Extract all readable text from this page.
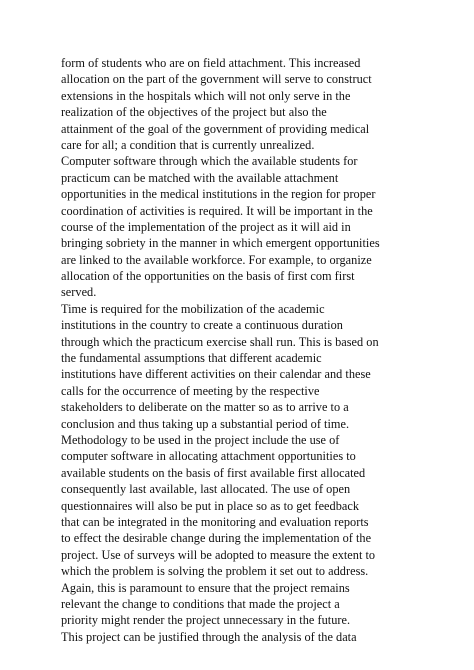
form of students who are on field attachment. This increased
allocation on the part of the government will serve to construct
extensions in the hospitals which will not only serve in the
realization of the objectives of the project but also the
attainment of the goal of the government of providing medical
care for all; a condition that is currently unrealized.
Computer software through which the available students for
practicum can be matched with the available attachment
opportunities in the medical institutions in the region for proper
coordination of activities is required. It will be important in the
course of the implementation of the project as it will aid in
bringing sobriety in the manner in which emergent opportunities
are linked to the available workforce. For example, to organize
allocation of the opportunities on the basis of first com first
served.
Time is required for the mobilization of the academic
institutions in the country to create a continuous duration
through which the practicum exercise shall run. This is based on
the fundamental assumptions that different academic
institutions have different activities on their calendar and these
calls for the occurrence of meeting by the respective
stakeholders to deliberate on the matter so as to arrive to a
conclusion and thus taking up a substantial period of time.
Methodology to be used in the project include the use of
computer software in allocating attachment opportunities to
available students on the basis of first available first allocated
consequently last available, last allocated. The use of open
questionnaires will also be put in place so as to get feedback
that can be integrated in the monitoring and evaluation reports
to effect the desirable change during the implementation of the
project. Use of surveys will be adopted to measure the extent to
which the problem is solving the problem it set out to address.
Again, this is paramount to ensure that the project remains
relevant the change to conditions that made the project a
priority might render the project unnecessary in the future.
This project can be justified through the analysis of the data
